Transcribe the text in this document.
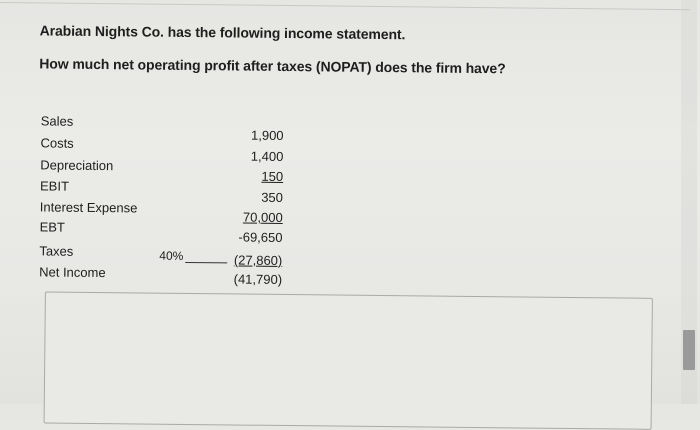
Arabian Nights Co. has the following income statement.
How much net operating profit after taxes (NOPAT) does the firm have?
Sales
Costs
Depreciation
EBIT
Interest Expense
EBT
Taxes
Net Income
1,900
1,400
150
350
70,000
-69,650
(27,860)
(41,790)
40%
